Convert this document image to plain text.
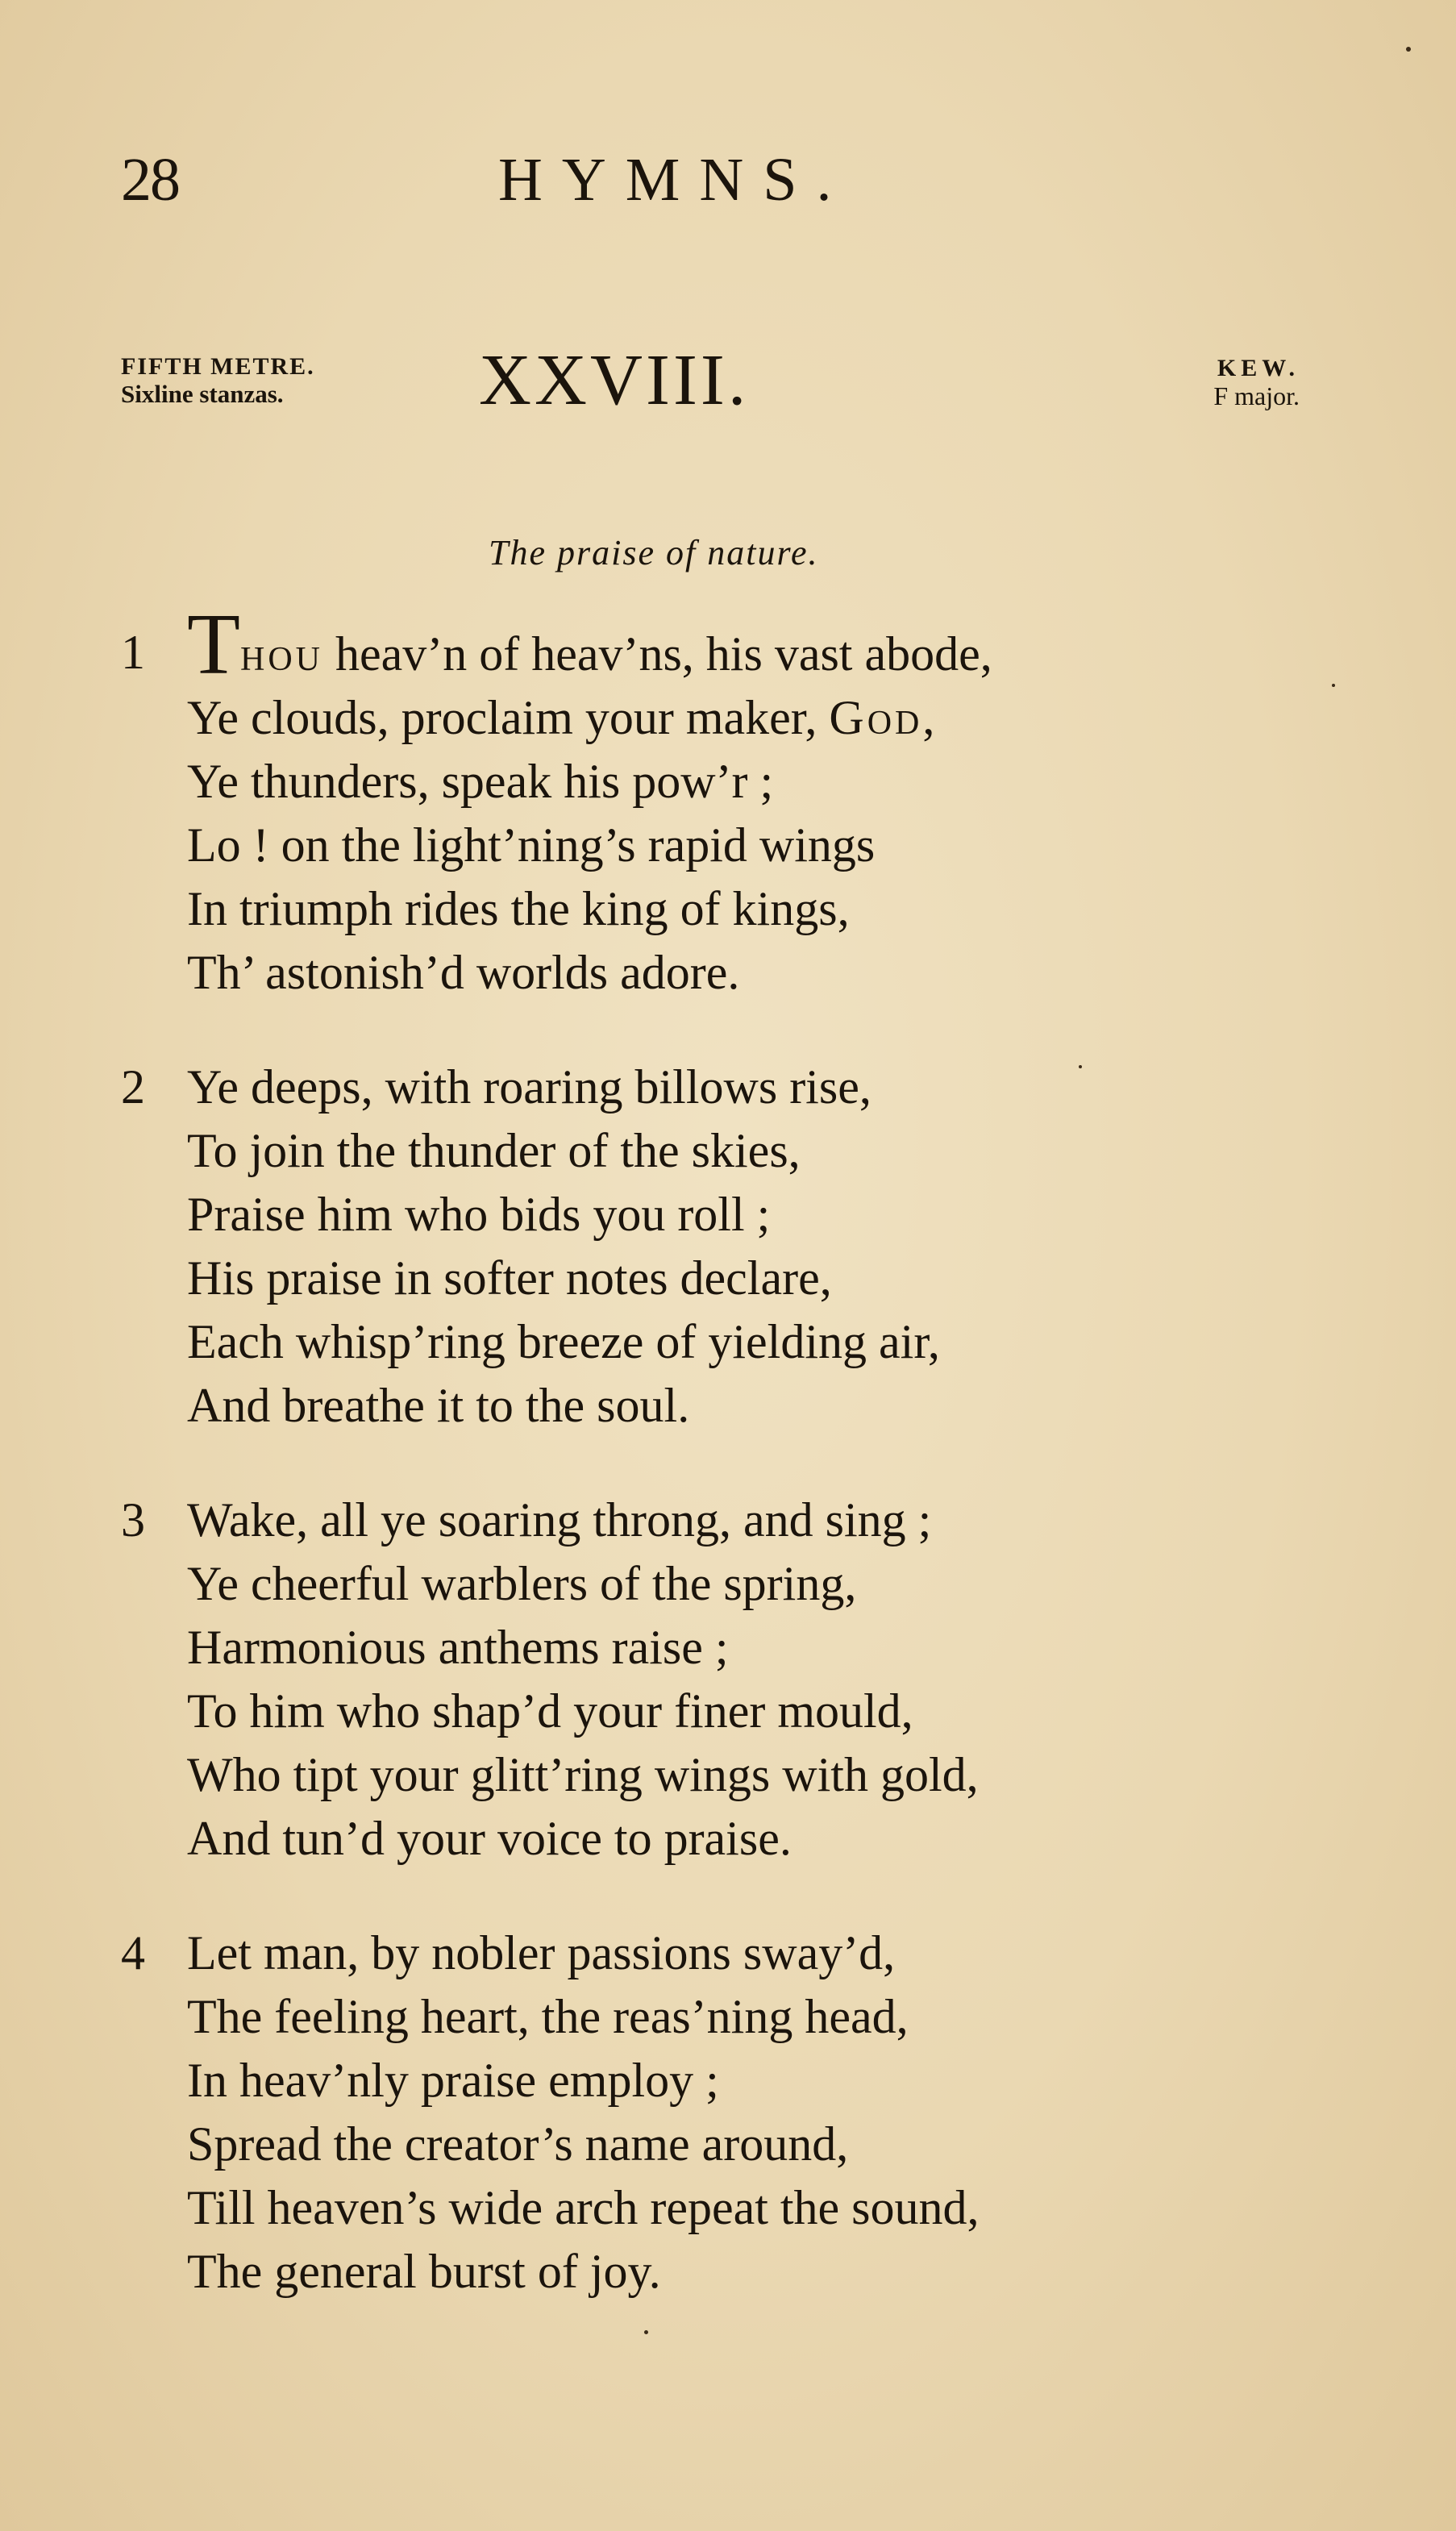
28	HYMNS.
FIFTH METRE.
Sixline stanzas.	XXVIII.	KEW.
F major.
The praise of nature.
1 Thou heav’n of heav’ns, his vast abode,
Ye clouds, proclaim your maker, God,
Ye thunders, speak his pow’r ;
Lo ! on the light’ning’s rapid wings
In triumph rides the king of kings,
Th’ astonish’d worlds adore.
2 Ye deeps, with roaring billows rise,
To join the thunder of the skies,
Praise him who bids you roll ;
His praise in softer notes declare,
Each whisp’ring breeze of yielding air,
And breathe it to the soul.
3 Wake, all ye soaring throng, and sing ;
Ye cheerful warblers of the spring,
Harmonious anthems raise ;
To him who shap’d your finer mould,
Who tipt your glitt’ring wings with gold,
And tun’d your voice to praise.
4 Let man, by nobler passions sway’d,
The feeling heart, the reas’ning head,
In heav’nly praise employ ;
Spread the creator’s name around,
Till heaven’s wide arch repeat the sound,
The general burst of joy.
